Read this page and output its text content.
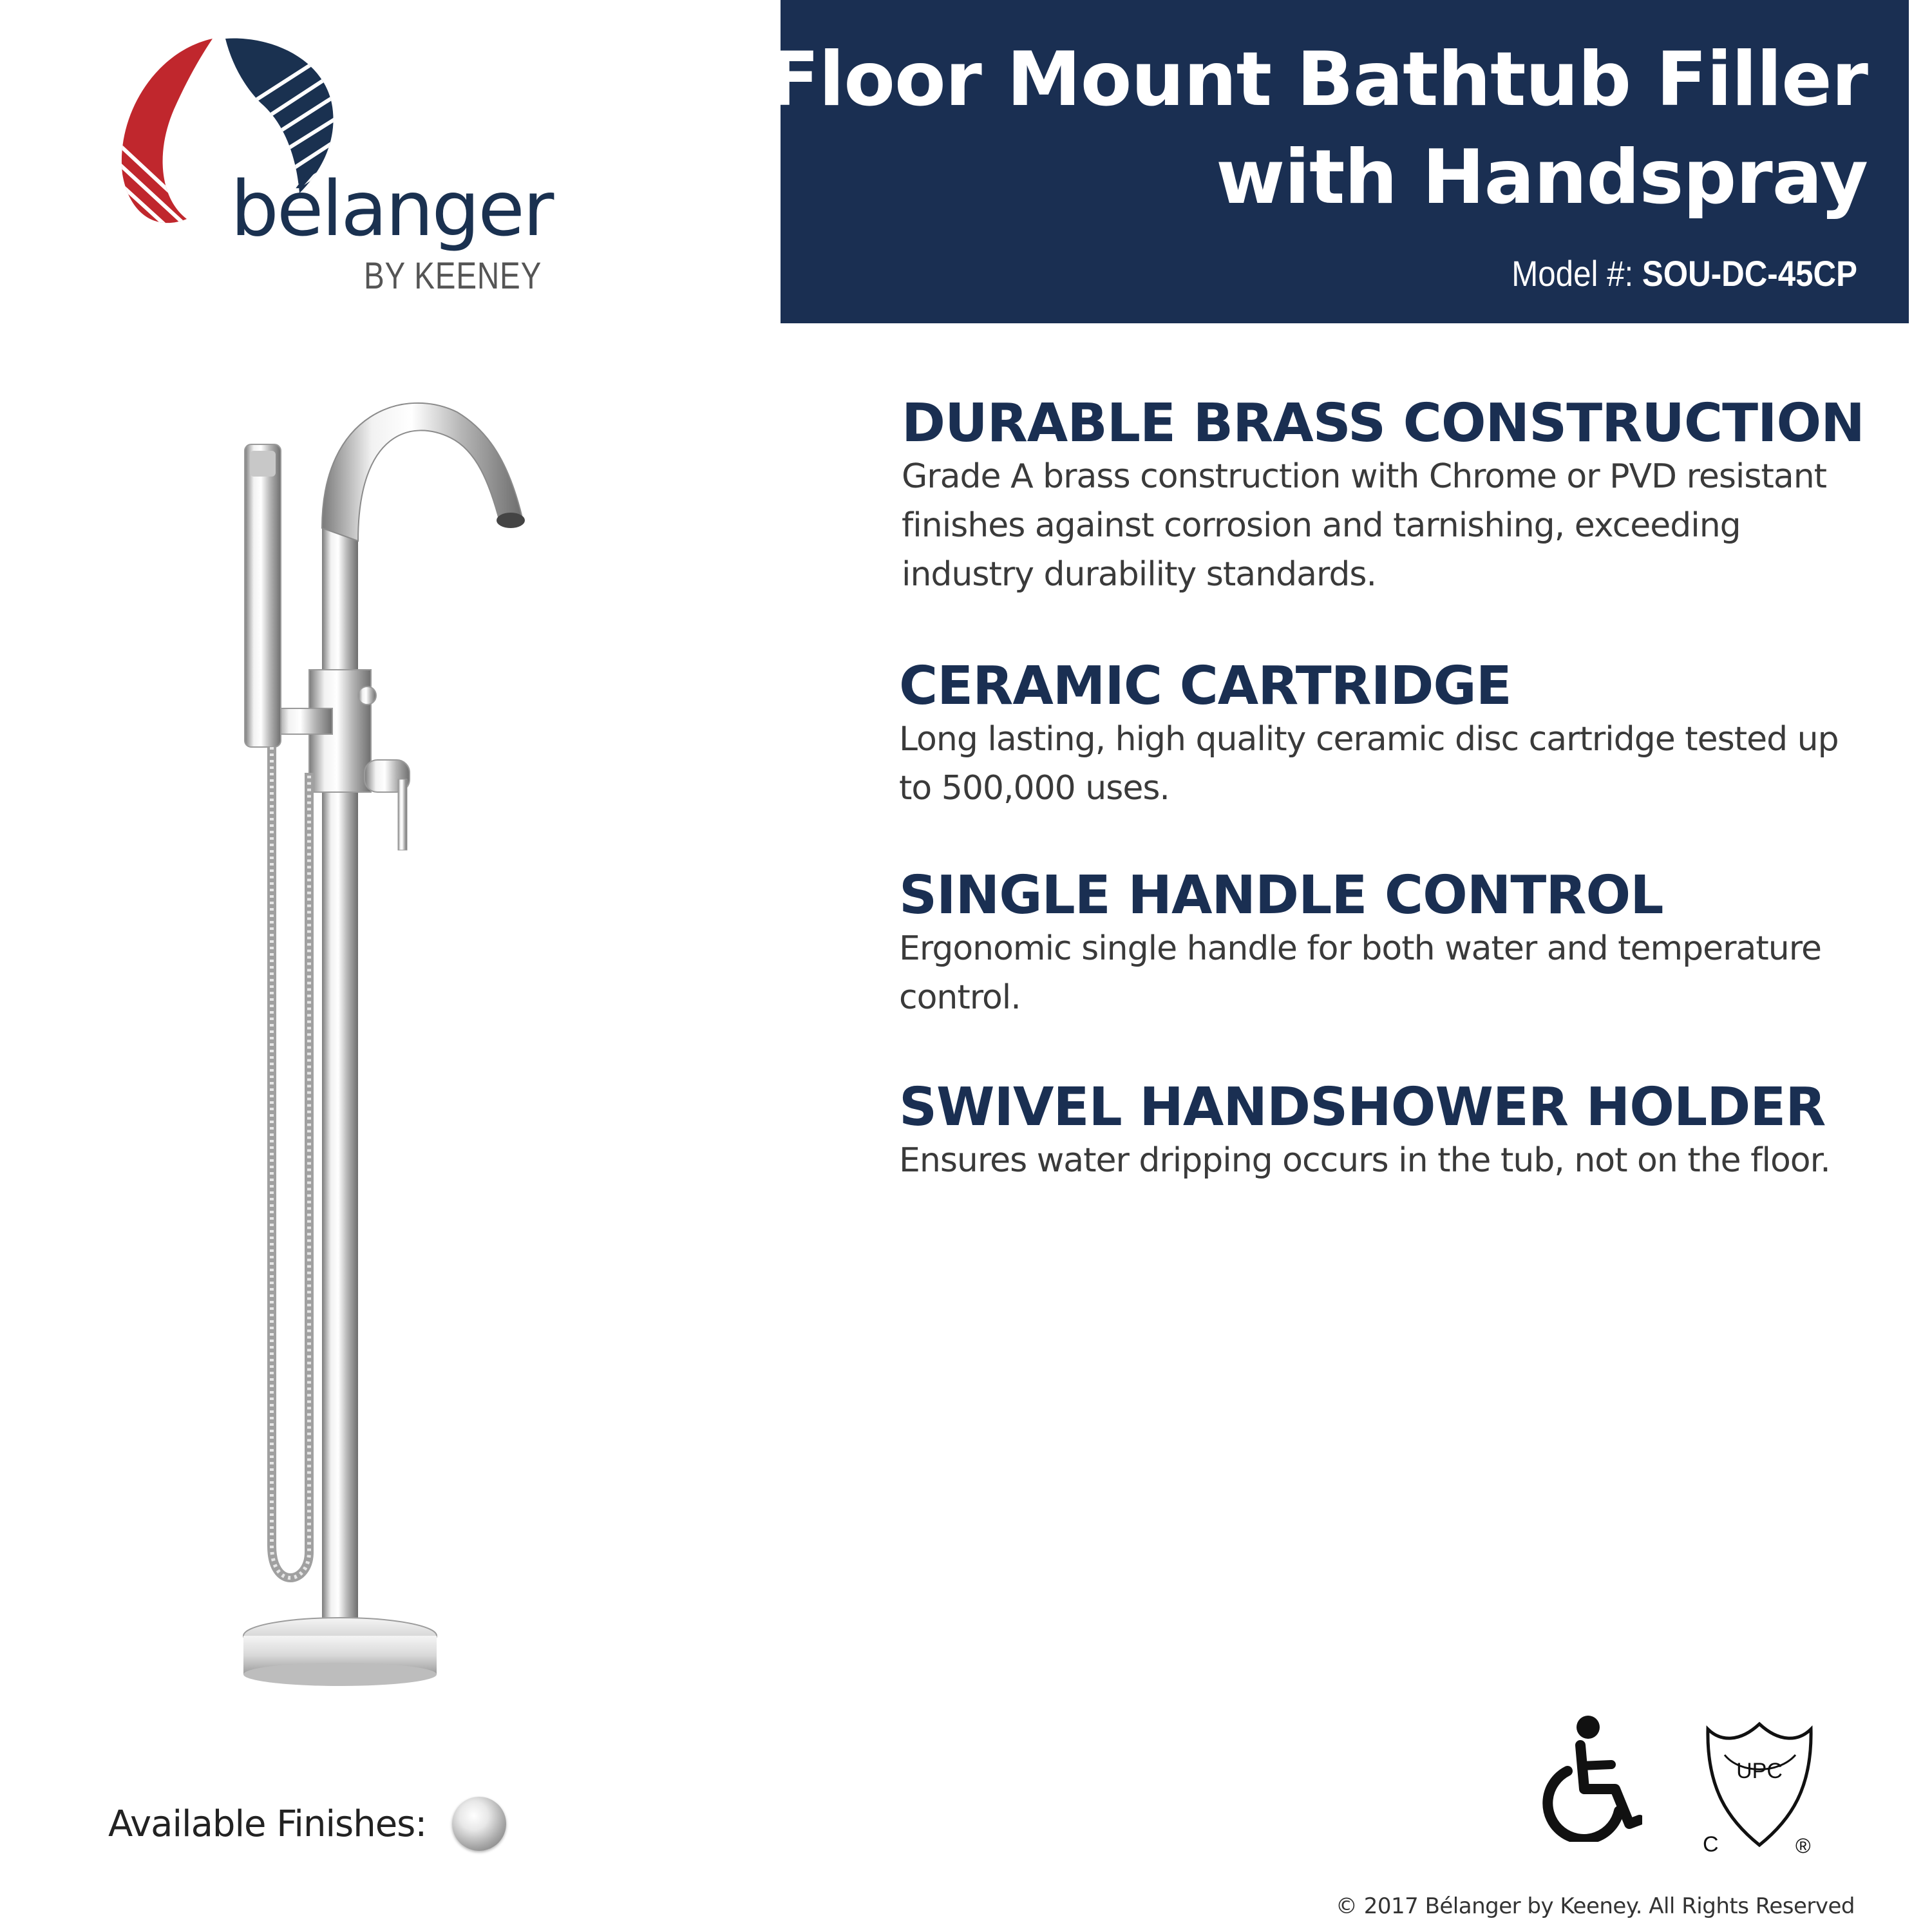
bélanger
BY KEENEY
Floor Mount Bathtub Filler
with Handspray
Model #: SOU-DC-45CP
DURABLE BRASS CONSTRUCTION
Grade A brass construction with Chrome or PVD resistant finishes against corrosion and tarnishing, exceeding industry durability standards.
CERAMIC CARTRIDGE
Long lasting, high quality ceramic disc cartridge tested up to 500,000 uses.
SINGLE HANDLE CONTROL
Ergonomic single handle for both water and temperature control.
SWIVEL HANDSHOWER HOLDER
Ensures water dripping occurs in the tub, not on the floor.
Available Finishes:
UPC
C	®
© 2017 Bélanger by Keeney. All Rights Reserved
